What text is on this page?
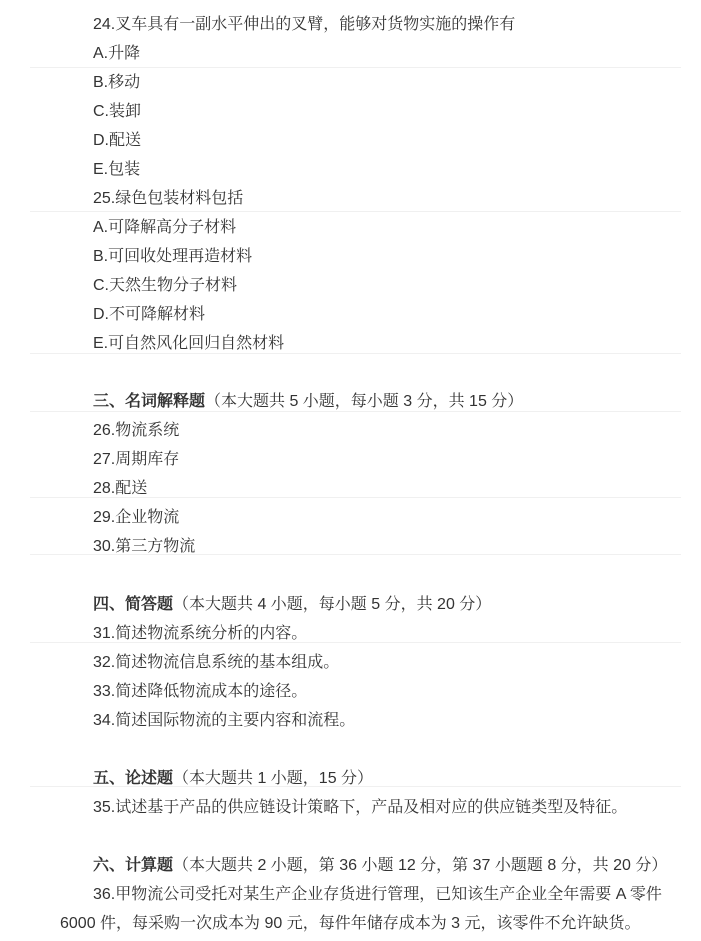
24.叉车具有一副水平伸出的叉臂，能够对货物实施的操作有
A.升降
B.移动
C.装卸
D.配送
E.包装
25.绿色包装材料包括
A.可降解高分子材料
B.可回收处理再造材料
C.天然生物分子材料
D.不可降解材料
E.可自然风化回归自然材料
三、名词解释题（本大题共 5 小题，每小题 3 分，共 15 分）
26.物流系统
27.周期库存
28.配送
29.企业物流
30.第三方物流
四、简答题（本大题共 4 小题，每小题 5 分，共 20 分）
31.简述物流系统分析的内容。
32.简述物流信息系统的基本组成。
33.简述降低物流成本的途径。
34.简述国际物流的主要内容和流程。
五、论述题（本大题共 1 小题，15 分）
35.试述基于产品的供应链设计策略下，产品及相对应的供应链类型及特征。
六、计算题（本大题共 2 小题，第 36 小题 12 分，第 37 小题题 8 分，共 20 分）
36.甲物流公司受托对某生产企业存货进行管理，已知该生产企业全年需要 A 零件
6000 件，每采购一次成本为 90 元，每件年储存成本为 3 元，该零件不允许缺货。
